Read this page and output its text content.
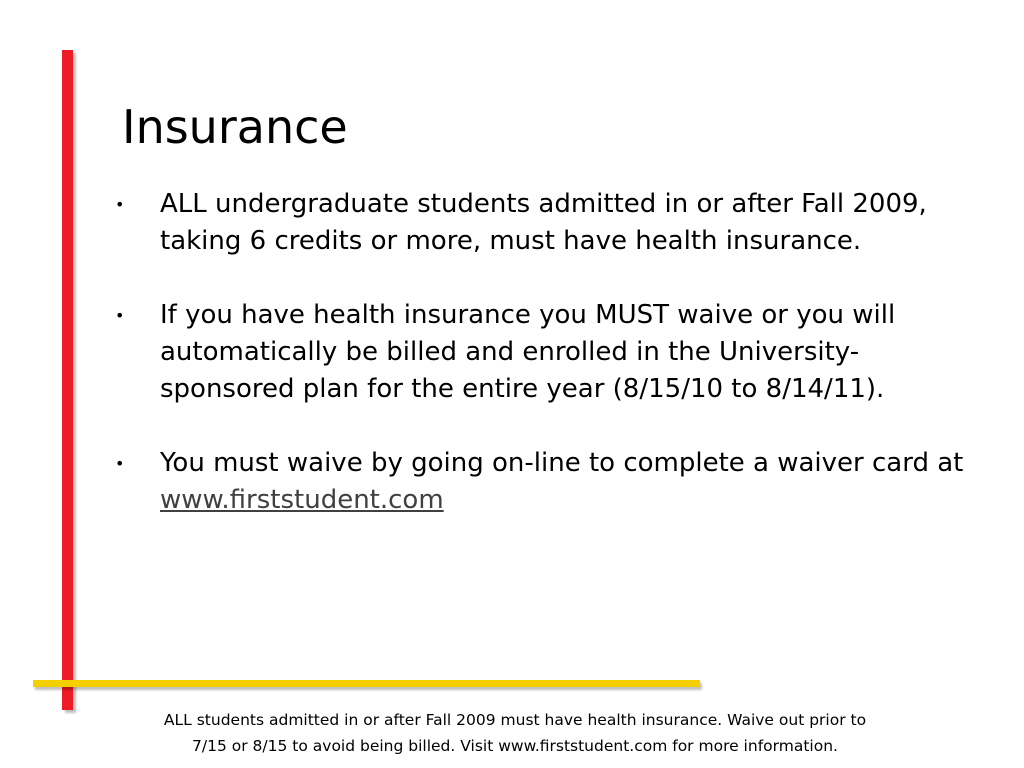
Insurance
• ALL undergraduate students admitted in or after Fall 2009, taking 6 credits or more, must have health insurance.
• If you have health insurance you MUST waive or you will automatically be billed and enrolled in the University-sponsored plan for the entire year (8/15/10 to 8/14/11).
• You must waive by going on-line to complete a waiver card at www.firststudent.com

ALL students admitted in or after Fall 2009 must have health insurance. Waive out prior to
7/15 or 8/15 to avoid being billed. Visit www.firststudent.com for more information.
